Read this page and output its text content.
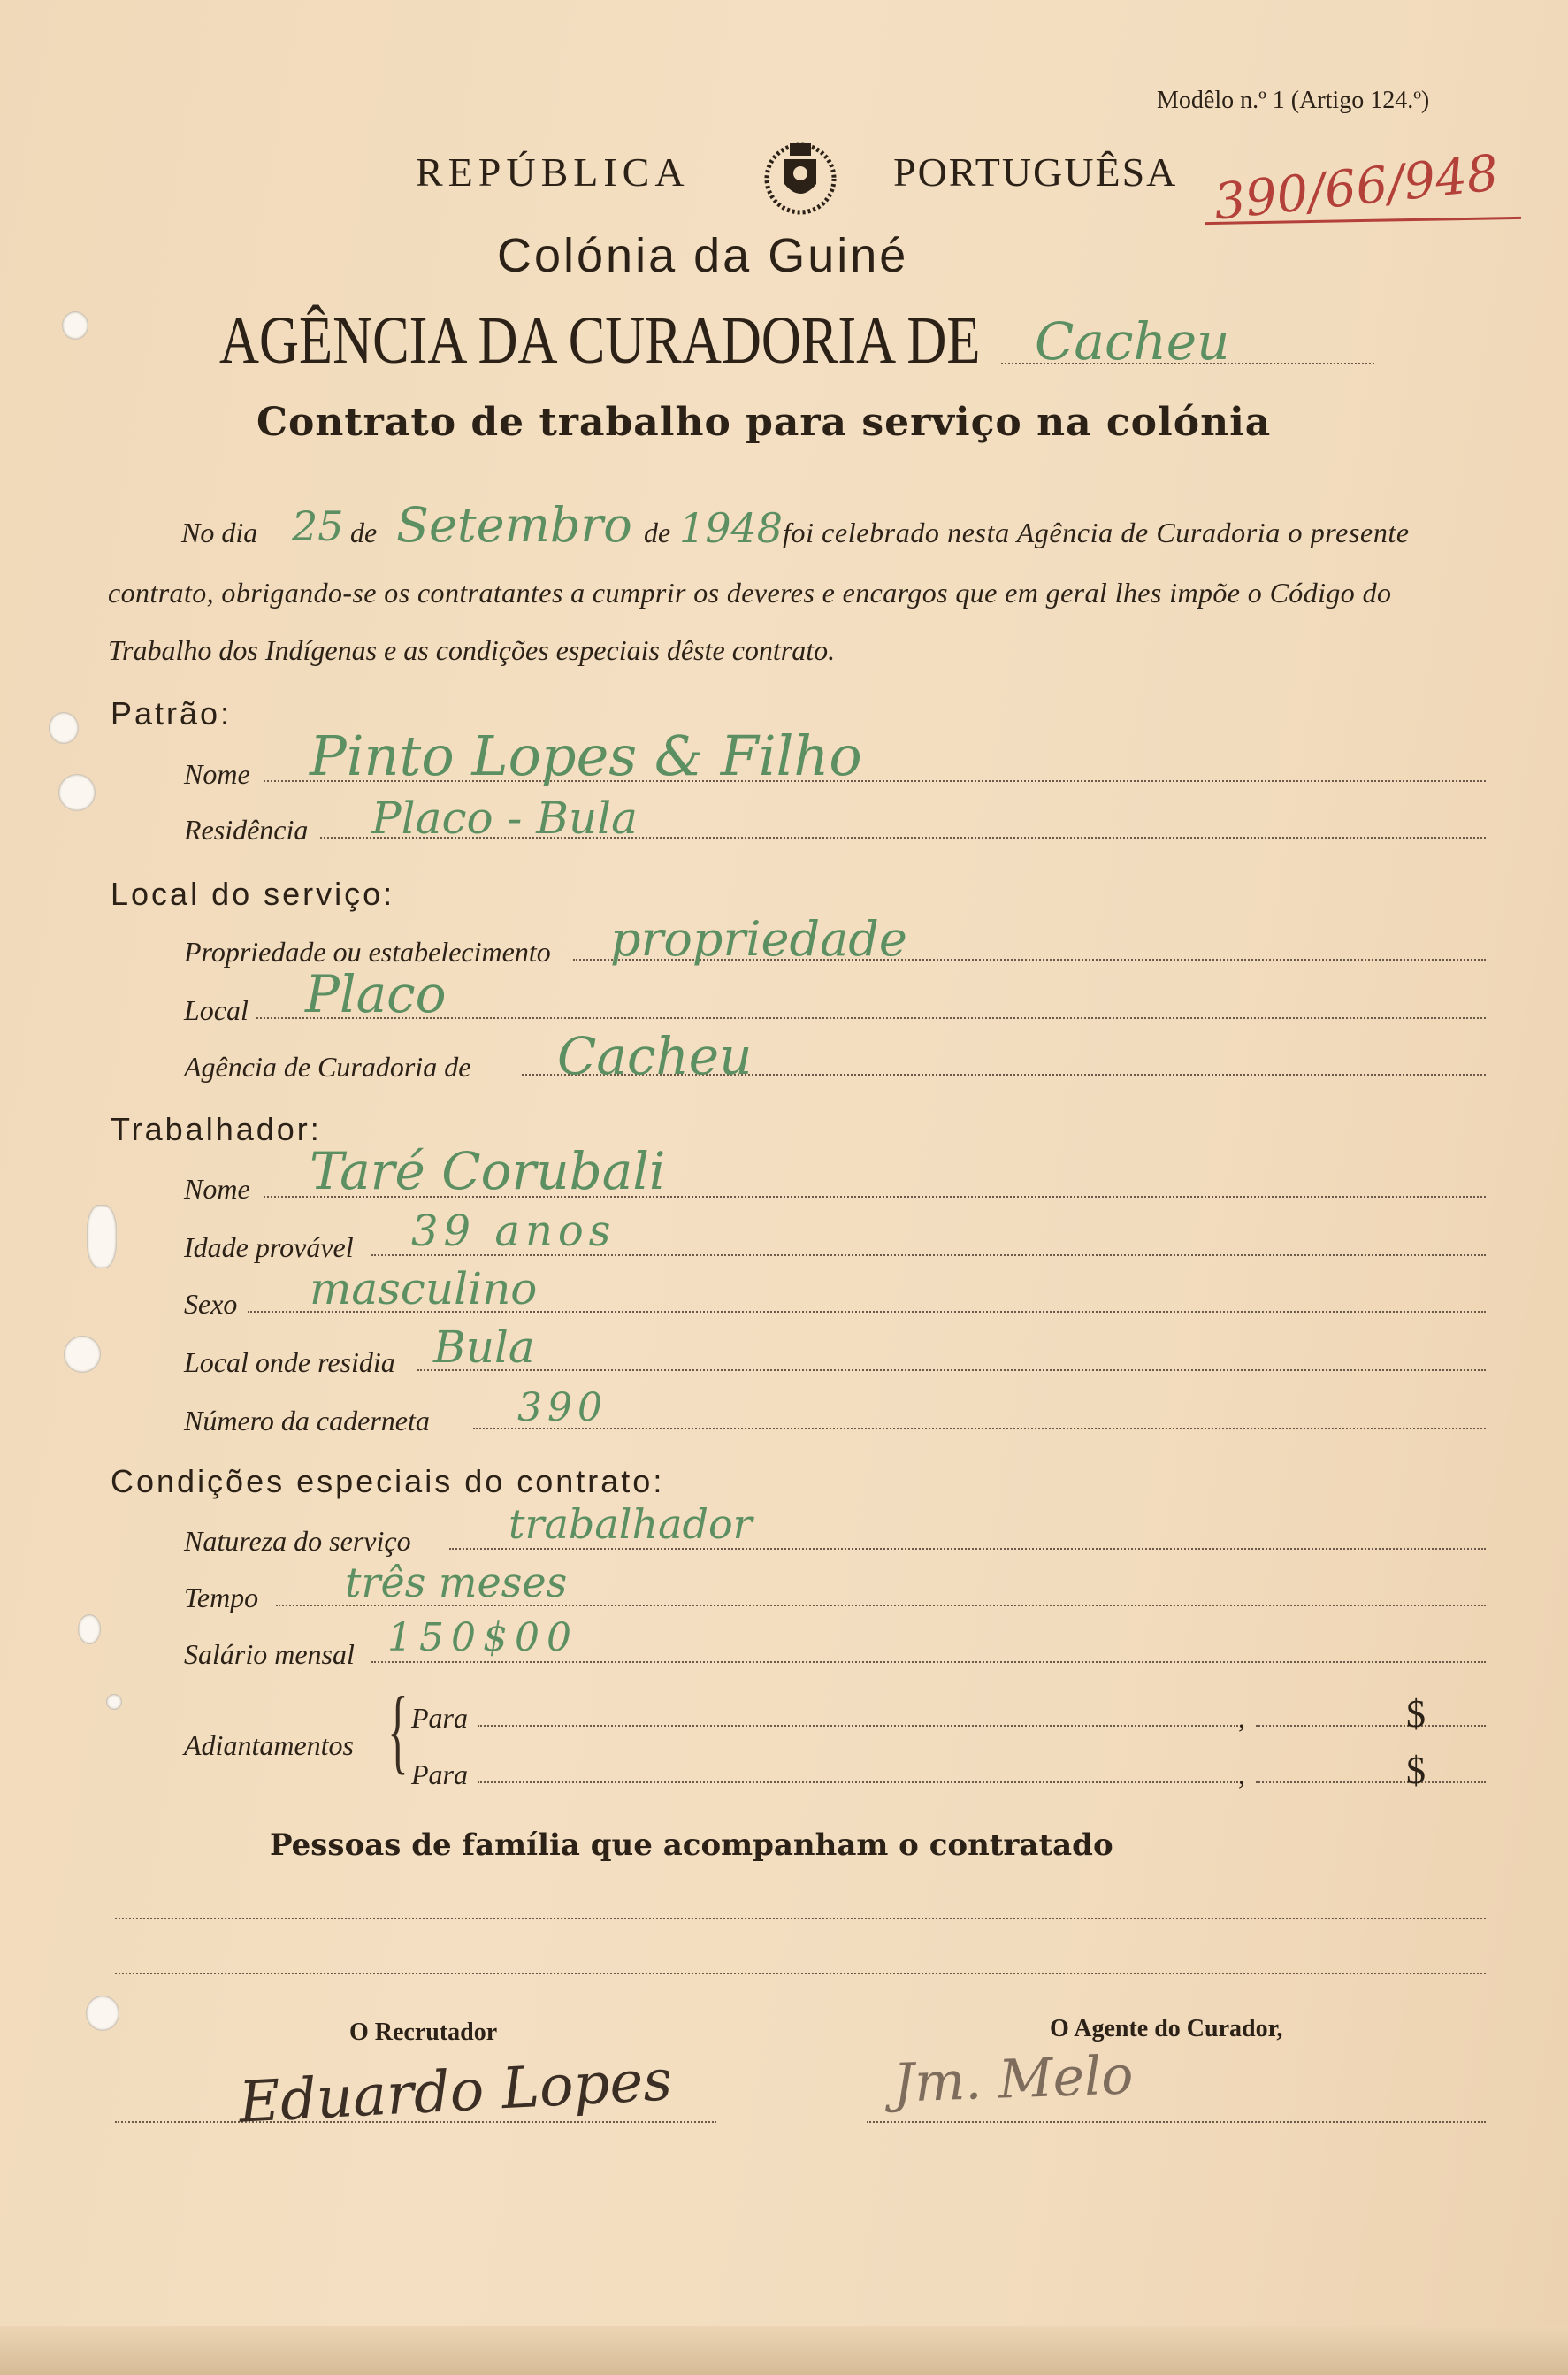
Modêlo n.º 1 (Artigo 124.º)
REPÚBLICA	PORTUGUÊSA 390/66/948
Colónia da Guiné
AGÊNCIA DA CURADORIA DE Cacheu
Contrato de trabalho para serviço na colónia
No dia 25 de Setembro de 1948 foi celebrado nesta Agência de Curadoria o presente
contrato, obrigando-se os contratantes a cumprir os deveres e encargos que em geral lhes impõe o Código do
Trabalho dos Indígenas e as condições especiais dêste contrato.
Patrão:
Nome Pinto Lopes & Filho
Residência Placo - Bula
Local do serviço:
Propriedade ou estabelecimento propriedade
Local Placo
Agência de Curadoria de Cacheu
Trabalhador:
Nome Taré Corubali
Idade provável 39 anos
Sexo masculino
Local onde residia Bula
Número da caderneta 390
Condições especiais do contrato:
Natureza do serviço trabalhador
Tempo três meses
Salário mensal 150$00
Adiantamentos { Para	,	$
Para	,	$
Pessoas de família que acompanham o contratado
O Recrutador	O Agente do Curador,
Eduardo Lopes	Jm. Melo
